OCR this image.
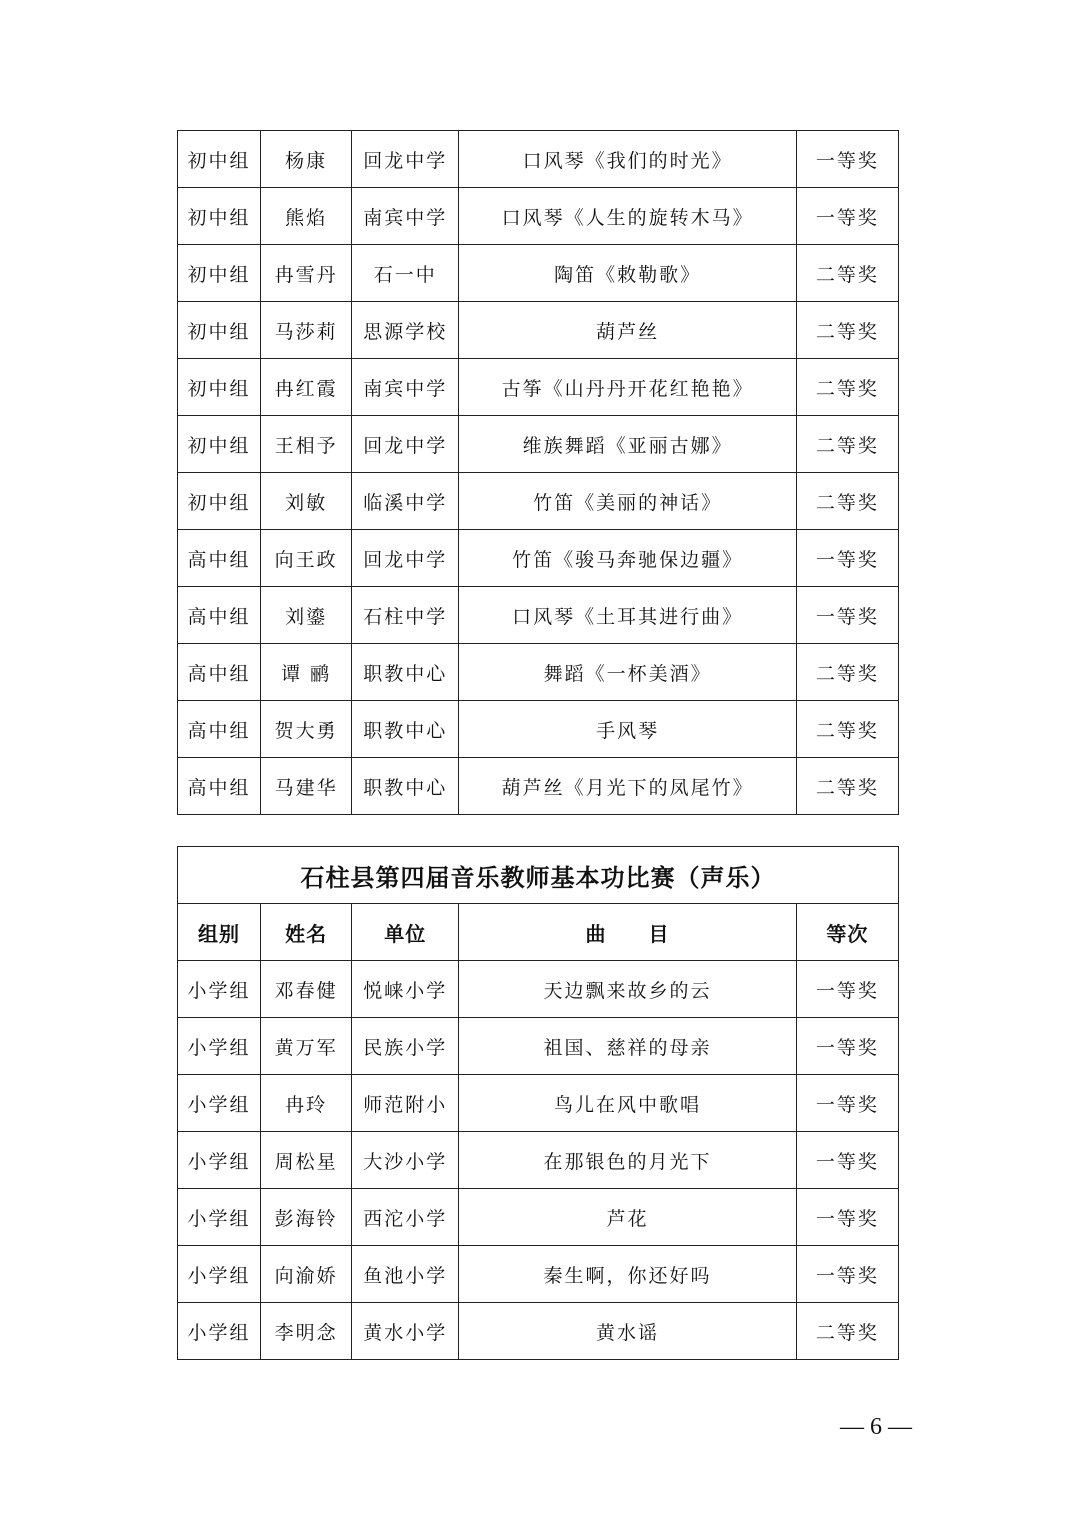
初中组	杨康	回龙中学	口风琴《我们的时光》	一等奖
初中组	熊焰	南宾中学	口风琴《人生的旋转木马》	一等奖
初中组	冉雪丹	石一中	陶笛《敕勒歌》	二等奖
初中组	马莎莉	思源学校	葫芦丝	二等奖
初中组	冉红霞	南宾中学	古筝《山丹丹开花红艳艳》	二等奖
初中组	王相予	回龙中学	维族舞蹈《亚丽古娜》	二等奖
初中组	刘敏	临溪中学	竹笛《美丽的神话》	二等奖
高中组	向王政	回龙中学	竹笛《骏马奔驰保边疆》	一等奖
高中组	刘鎏	石柱中学	口风琴《土耳其进行曲》	一等奖
高中组	谭 鹂	职教中心	舞蹈《一杯美酒》	二等奖
高中组	贺大勇	职教中心	手风琴	二等奖
高中组	马建华	职教中心	葫芦丝《月光下的凤尾竹》	二等奖
石柱县第四届音乐教师基本功比赛（声乐）				
组别	姓名	单位	曲　　目	等次
小学组	邓春健	悦崃小学	天边飘来故乡的云	一等奖
小学组	黄万军	民族小学	祖国、慈祥的母亲	一等奖
小学组	冉玲	师范附小	鸟儿在风中歌唱	一等奖
小学组	周松星	大沙小学	在那银色的月光下	一等奖
小学组	彭海铃	西沱小学	芦花	一等奖
小学组	向渝娇	鱼池小学	秦生啊，你还好吗	一等奖
小学组	李明念	黄水小学	黄水谣	二等奖
— 6 —
